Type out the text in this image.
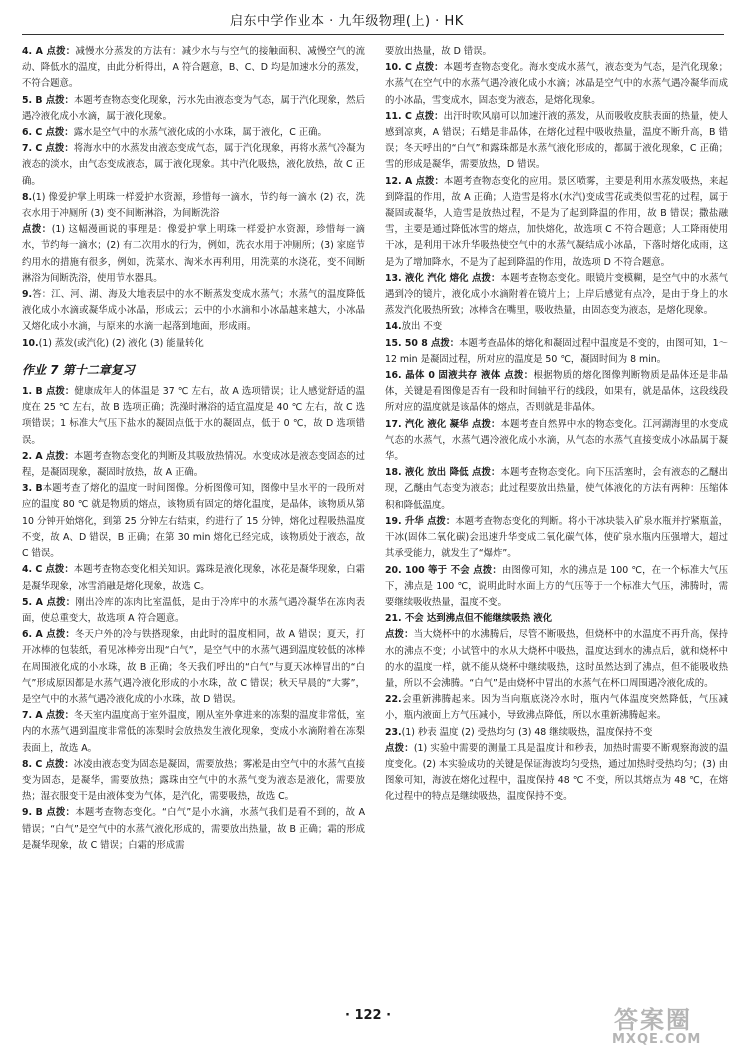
启东中学作业本 · 九年级物理(上) · HK

4. A 点拨：减慢水分蒸发的方法有：减少水与与空气的接触面积、减慢空气的流动、降低水的温度，由此分析得出，A 符合题意，B、C、D 均是加速水分的蒸发，不符合题意。

5. B 点拨：本题考查物态变化现象，污水先由液态变为气态，属于汽化现象，然后遇冷液化成小水滴，属于液化现象。

6. C 点拨：露水是空气中的水蒸气液化成的小水珠，属于液化，C 正确。

7. C 点拨：将海水中的水蒸发由液态变成气态，属于汽化现象，再将水蒸气冷凝为液态的淡水，由气态变成液态，属于液化现象。其中汽化吸热，液化放热，故 C 正确。

8.(1) 像爱护掌上明珠一样爱护水资源，珍惜每一滴水，节约每一滴水 (2) 衣，洗衣水用于冲厕所 (3) 变不间断淋浴，为间断洗浴

点拨：(1) 这幅漫画说的事理是：像爱护掌上明珠一样爱护水资源，珍惜每一滴水，节约每一滴水；(2) 有二次用水的行为，例如，洗衣水用于冲厕所；(3) 家庭节约用水的措施有很多，例如，洗菜水、淘米水再利用，用洗菜的水浇花，变不间断淋浴为间断洗浴，使用节水器具。

9.答：江、河、湖、海及大地表层中的水不断蒸发变成水蒸气；水蒸气的温度降低液化成小水滴或凝华成小冰晶，形成云；云中的小水滴和小冰晶越来越大，小冰晶又熔化成小水滴，与原来的水滴一起落到地面，形成雨。

10.(1) 蒸发(或汽化) (2) 液化 (3) 能量转化

作业 7 第十二章复习

1. B 点拨：健康成年人的体温是 37 ℃ 左右，故 A 选项错误；让人感觉舒适的温度在 25 ℃ 左右，故 B 选项正确；洗澡时淋浴的适宜温度是 40 ℃ 左右，故 C 选项错误；1 标准大气压下盐水的凝固点低于水的凝固点，低于 0 ℃，故 D 选项错误。

2. A 点拨：本题考查物态变化的判断及其吸放热情况。水变成冰是液态变固态的过程，是凝固现象，凝固时放热，故 A 正确。

3. B本题考查了熔化的温度一时间图像。分析图像可知，图像中呈水平的一段所对应的温度 80 ℃ 就是物质的熔点，该物质有固定的熔化温度，是晶体，该物质从第 10 分钟开始熔化，到第 25 分钟左右结束，约进行了 15 分钟，熔化过程吸热温度不变，故 A、D 错误，B 正确；在第 30 min 熔化已经完成，该物质处于液态，故 C 错误。

4. C 点拨：本题考查物态变化相关知识。露珠是液化现象，冰花是凝华现象，白霜是凝华现象，冰雪消融是熔化现象，故选 C。

5. A 点拨：刚出冷库的冻肉比室温低，是由于冷库中的水蒸气遇冷凝华在冻肉表面，使总重变大，故选项 A 符合题意。

6. A 点拨：冬天户外的冷与铁搭现象，由此时的温度相同，故 A 错误；夏天，打开冰棒的包装纸，看见冰棒旁出现“白气”，是空气中的水蒸气遇到温度较低的冰棒在周围液化成的小水珠，故 B 正确；冬天我们呼出的“白气”与夏天冰棒冒出的“白气”形成原因都是水蒸气遇冷液化形成的小水珠，故 C 错误；秋天早晨的“大雾”，是空气中的水蒸气遇冷液化成的小水珠，故 D 错误。

7. A 点拨：冬天室内温度高于室外温度，刚从室外拿进来的冻梨的温度非常低，室内的水蒸气遇到温度非常低的冻梨时会放热发生液化现象，变成小水滴附着在冻梨表面上，故选 A。

8. C 点拨：冰凌由液态变为固态是凝固，需要放热；雾凇是由空气中的水蒸气直接变为固态，是凝华，需要放热；露珠由空气中的水蒸气变为液态是液化，需要放热；湿衣服变干是由液体变为气体，是汽化，需要吸热，故选 C。

9. B 点拨：本题考查物态变化。“白气”是小水滴，水蒸气我们是看不到的，故 A 错误；“白气”是空气中的水蒸气液化形成的，需要放出热量，故 B 正确；霜的形成是凝华现象，故 C 错误；白霜的形成需

要放出热量，故 D 错误。

10. C 点拨：本题考查物态变化。海水变成水蒸气，液态变为气态，是汽化现象；水蒸气在空气中的水蒸气遇冷液化成小水滴；冰晶是空气中的水蒸气遇冷凝华而成的小冰晶，雪变成水，固态变为液态，是熔化现象。

11. C 点拨：出汗时吹风扇可以加速汗液的蒸发，从而吸收皮肤表面的热量，使人感到凉爽，A 错误；石蜡是非晶体，在熔化过程中吸收热量，温度不断升高，B 错误；冬天呼出的“白气”和露珠都是水蒸气液化形成的，都属于液化现象，C 正确；雪的形成是凝华，需要放热，D 错误。

12. A 点拨：本题考查物态变化的应用。景区喷雾，主要是利用水蒸发吸热，来起到降温的作用，故 A 正确；人造雪是将水(水汽)变成雪花或类似雪花的过程，属于凝固或凝华，人造雪是放热过程，不是为了起到降温的作用，故 B 错误；撒盐融雪，主要是通过降低冰雪的熔点，加快熔化，故选项 C 不符合题意；人工降雨使用干冰，是利用干冰升华吸热使空气中的水蒸气凝结成小冰晶，下落时熔化成雨，这是为了增加降水，不是为了起到降温的作用，故选项 D 不符合题意。

13. 液化 汽化 熔化 点拨：本题考查物态变化。眼镜片变模糊，是空气中的水蒸气遇到冷的镜片，液化成小水滴附着在镜片上；上岸后感觉有点冷，是由于身上的水蒸发汽化吸热所致；冰棒含在嘴里，吸收热量，由固态变为液态，是熔化现象。

14.放出 不变

15. 50 8 点拨：本题考查晶体的熔化和凝固过程中温度是不变的，由图可知，1～12 min 是凝固过程，所对应的温度是 50 ℃，凝固时间为 8 min。

16. 晶体 0 固液共存 液体 点拨：根据物质的熔化图像判断物质是晶体还是非晶体，关键是看图像是否有一段和时间轴平行的线段，如果有，就是晶体，这段线段所对应的温度就是该晶体的熔点，否则就是非晶体。

17. 汽化 液化 凝华 点拨：本题考查自然界中水的物态变化。江河湖海里的水变成气态的水蒸气，水蒸气遇冷液化成小水滴，从气态的水蒸气直接变成小冰晶属于凝华。

18. 液化 放出 降低 点拨：本题考查物态变化。向下压活塞时，会有液态的乙醚出现，乙醚由气态变为液态；此过程要放出热量，使气体液化的方法有两种：压缩体积和降低温度。

19. 升华 点拨：本题考查物态变化的判断。将小干冰块装入矿泉水瓶并拧紧瓶盖，干冰(固体二氧化碳)会迅速升华变成二氧化碳气体，使矿泉水瓶内压强增大，超过其承受能力，就发生了“爆炸”。

20. 100 等于 不会 点拨：由图像可知，水的沸点是 100 ℃，在一个标准大气压下，沸点是 100 ℃，说明此时水面上方的气压等于一个标准大气压，沸腾时，需要继续吸收热量，温度不变。

21. 不会 达到沸点但不能继续吸热 液化

点拨：当大烧杯中的水沸腾后，尽管不断吸热，但烧杯中的水温度不再升高，保持水的沸点不变；小试管中的水从大烧杯中吸热，温度达到水的沸点后，就和烧杯中的水的温度一样，就不能从烧杯中继续吸热，这时虽然达到了沸点，但不能吸收热量，所以不会沸腾。“白气”是由烧杯中冒出的水蒸气在杯口周围遇冷液化成的。

22.会重新沸腾起来。因为当向瓶底浇冷水时，瓶内气体温度突然降低，气压减小，瓶内液面上方气压减小，导致沸点降低，所以水重新沸腾起来。

23.(1) 秒表 温度 (2) 受热均匀 (3) 48 继续吸热，温度保持不变

点拨：(1) 实验中需要的测量工具是温度计和秒表，加热时需要不断观察海波的温度变化。(2) 本实验成功的关键是保证海波均匀受热，通过加热时受热均匀；(3) 由图象可知，海波在熔化过程中，温度保持 48 ℃ 不变，所以其熔点为 48 ℃，在熔化过程中的特点是继续吸热，温度保持不变。

· 122 ·	答案圈
MXQE.COM
